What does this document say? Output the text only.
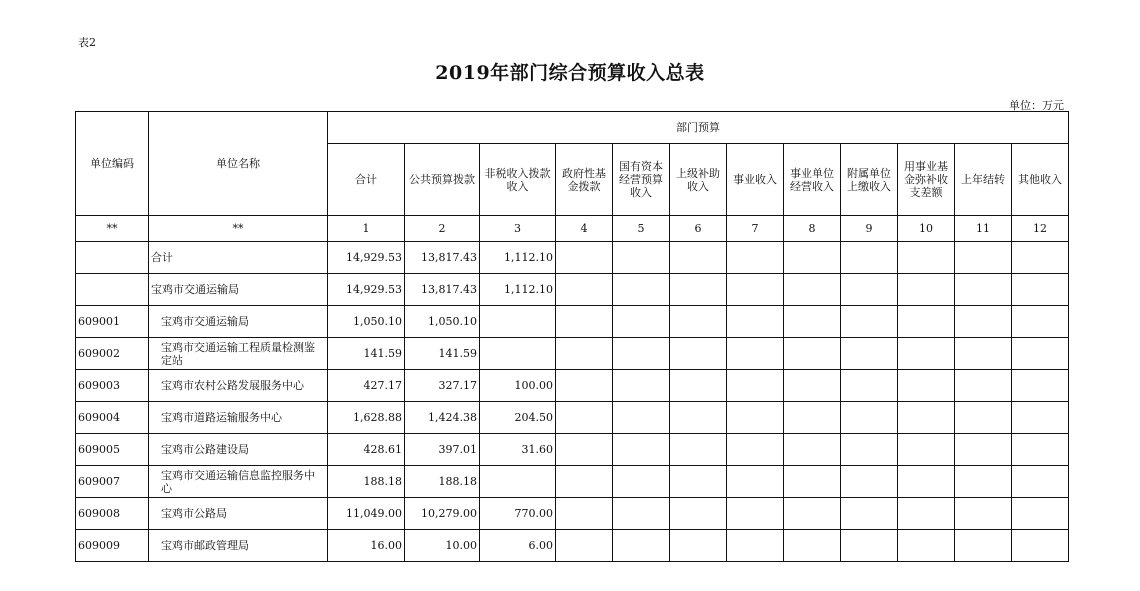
表2
2019年部门综合预算收入总表
单位：万元
单位编码	单位名称	部门预算											
		合计	公共预算拨款	非税收入拨款收入	政府性基金拨款	国有资本经营预算收入	上级补助收入	事业收入	事业单位经营收入	附属单位上缴收入	用事业基金弥补收支差额	上年结转	其他收入
**	**	1	2	3	4	5	6	7	8	9	10	11	12
	合计	14,929.53	13,817.43	1,112.10									
	宝鸡市交通运输局	14,929.53	13,817.43	1,112.10									
609001	宝鸡市交通运输局	1,050.10	1,050.10										
609002	宝鸡市交通运输工程质量检测鉴定站	141.59	141.59										
609003	宝鸡市农村公路发展服务中心	427.17	327.17	100.00									
609004	宝鸡市道路运输服务中心	1,628.88	1,424.38	204.50									
609005	宝鸡市公路建设局	428.61	397.01	31.60									
609007	宝鸡市交通运输信息监控服务中心	188.18	188.18										
609008	宝鸡市公路局	11,049.00	10,279.00	770.00									
609009	宝鸡市邮政管理局	16.00	10.00	6.00									
